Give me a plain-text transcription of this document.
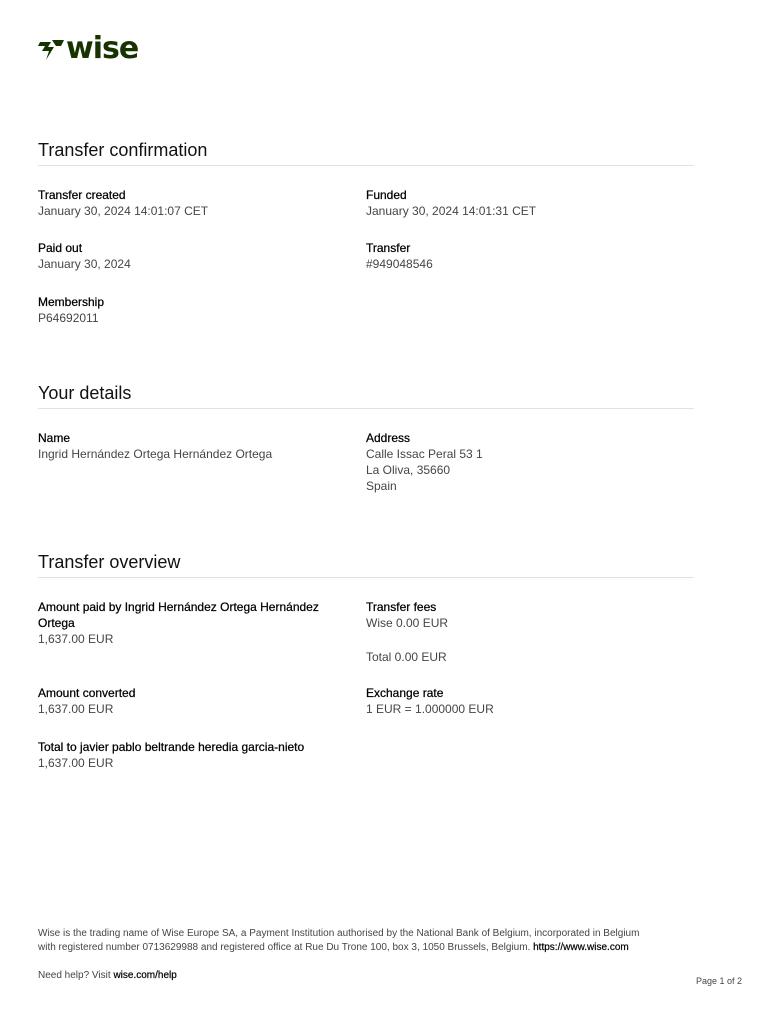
wise
Transfer confirmation
Transfer created
January 30, 2024 14:01:07 CET
Funded
January 30, 2024 14:01:31 CET
Paid out
January 30, 2024
Transfer
#949048546
Membership
P64692011
Your details
Name
Ingrid Hernández Ortega Hernández Ortega
Address
Calle Issac Peral 53 1
La Oliva, 35660
Spain
Transfer overview
Amount paid by Ingrid Hernández Ortega Hernández
Ortega
1,637.00 EUR
Transfer fees
Wise 0.00 EUR
Total 0.00 EUR
Amount converted
1,637.00 EUR
Exchange rate
1 EUR = 1.000000 EUR
Total to javier pablo beltrande heredia garcia-nieto
1,637.00 EUR
Wise is the trading name of Wise Europe SA, a Payment Institution authorised by the National Bank of Belgium, incorporated in Belgium
with registered number 0713629988 and registered office at Rue Du Trone 100, box 3, 1050 Brussels, Belgium. https://www.wise.com
Need help? Visit wise.com/help	Page 1 of 2
